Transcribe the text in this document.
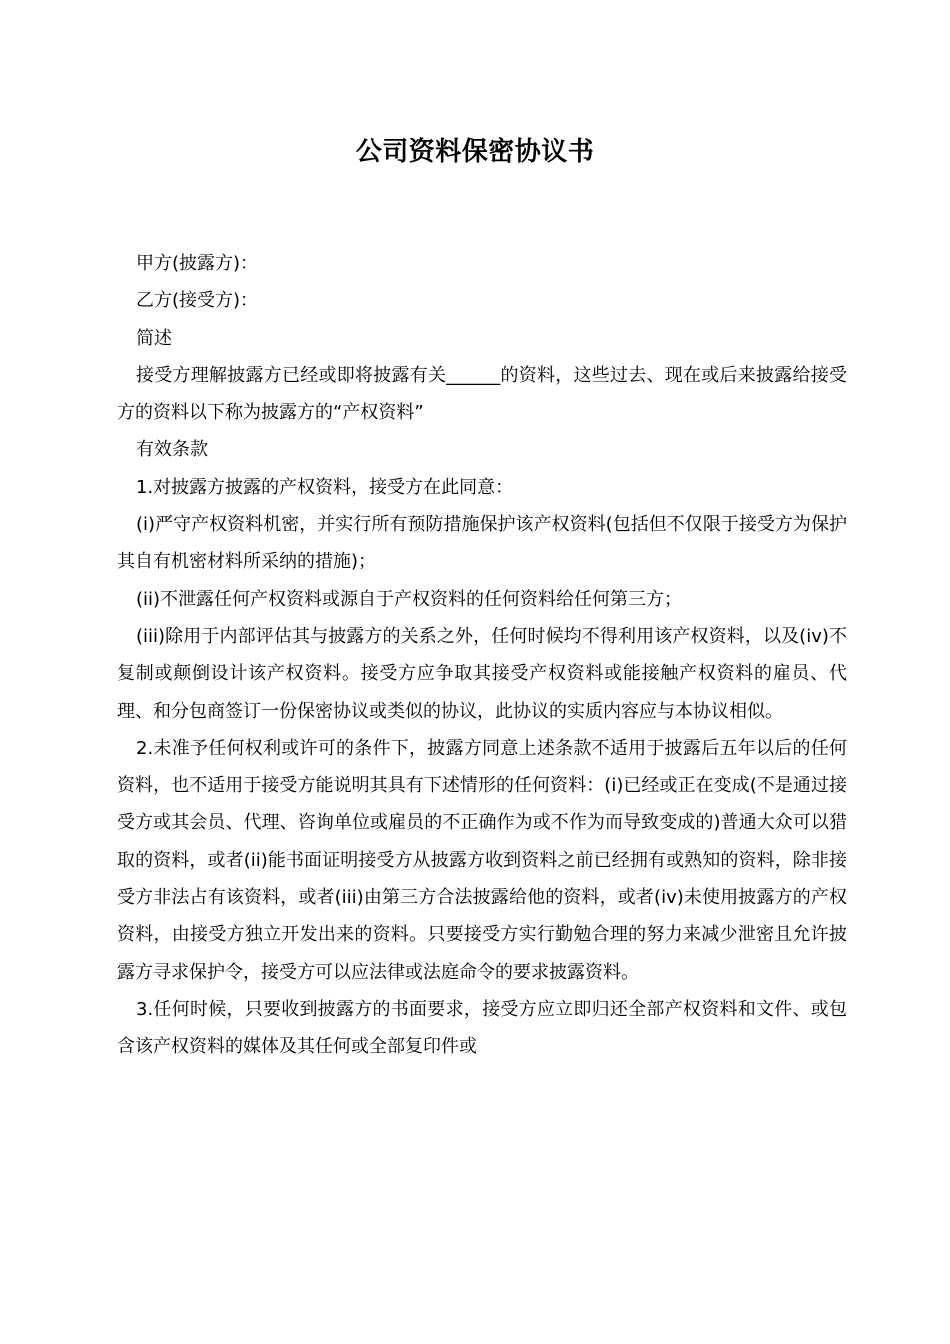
公司资料保密协议书

甲方(披露方)：

乙方(接受方)：

简述

接受方理解披露方已经或即将披露有关______的资料，这些过去、现在或后来披露给接受方的资料以下称为披露方的“产权资料”

有效条款

1.对披露方披露的产权资料，接受方在此同意：

(i)严守产权资料机密，并实行所有预防措施保护该产权资料(包括但不仅限于接受方为保护其自有机密材料所采纳的措施)；

(ii)不泄露任何产权资料或源自于产权资料的任何资料给任何第三方；

(iii)除用于内部评估其与披露方的关系之外，任何时候均不得利用该产权资料，以及(iv)不复制或颠倒设计该产权资料。接受方应争取其接受产权资料或能接触产权资料的雇员、代理、和分包商签订一份保密协议或类似的协议，此协议的实质内容应与本协议相似。

2.未准予任何权利或许可的条件下，披露方同意上述条款不适用于披露后五年以后的任何资料，也不适用于接受方能说明其具有下述情形的任何资料：(i)已经或正在变成(不是通过接受方或其会员、代理、咨询单位或雇员的不正确作为或不作为而导致变成的)普通大众可以猎取的资料，或者(ii)能书面证明接受方从披露方收到资料之前已经拥有或熟知的资料，除非接受方非法占有该资料，或者(iii)由第三方合法披露给他的资料，或者(iv)未使用披露方的产权资料，由接受方独立开发出来的资料。只要接受方实行勤勉合理的努力来减少泄密且允许披露方寻求保护令，接受方可以应法律或法庭命令的要求披露资料。

3.任何时候，只要收到披露方的书面要求，接受方应立即归还全部产权资料和文件、或包含该产权资料的媒体及其任何或全部复印件或
